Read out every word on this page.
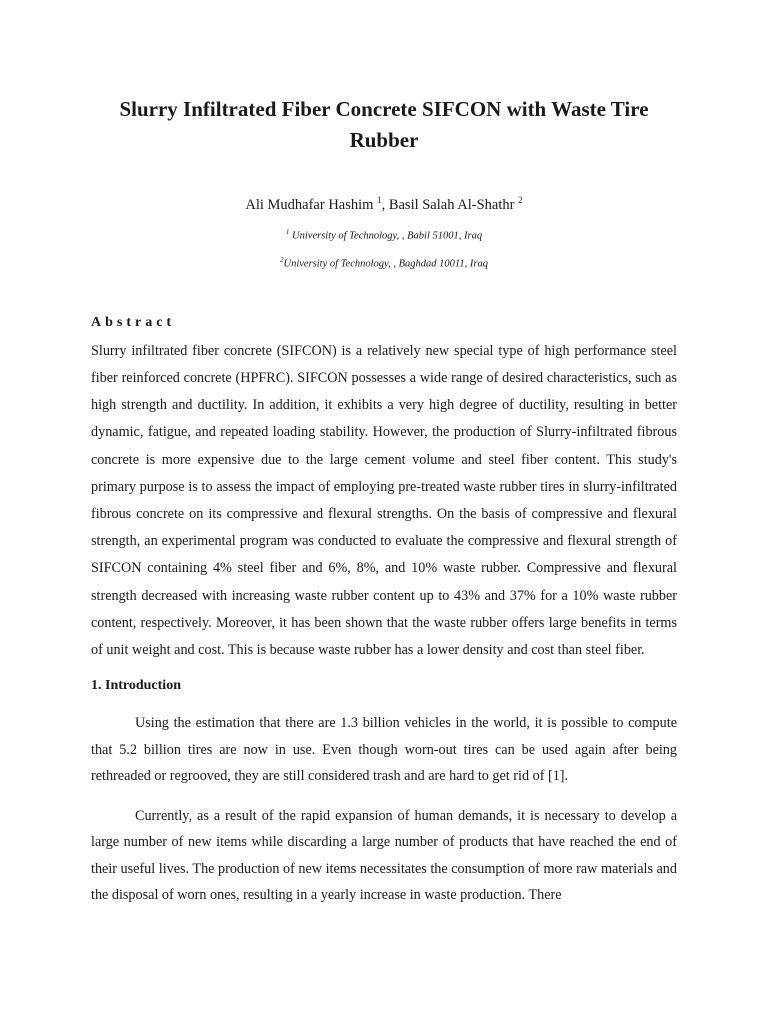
Slurry Infiltrated Fiber Concrete SIFCON with Waste Tire Rubber
Ali Mudhafar Hashim $^1$, Basil Salah Al-Shathr $^2$
$^1$ University of Technology, , Babil 51001, Iraq
$^2$University of Technology, , Baghdad 10011, Iraq
Abstract

Slurry infiltrated fiber concrete (SIFCON) is a relatively new special type of high performance steel fiber reinforced concrete (HPFRC). SIFCON possesses a wide range of desired characteristics, such as high strength and ductility. In addition, it exhibits a very high degree of ductility, resulting in better dynamic, fatigue, and repeated loading stability. However, the production of Slurry-infiltrated fibrous concrete is more expensive due to the large cement volume and steel fiber content. This study's primary purpose is to assess the impact of employing pre-treated waste rubber tires in slurry-infiltrated fibrous concrete on its compressive and flexural strengths. On the basis of compressive and flexural strength, an experimental program was conducted to evaluate the compressive and flexural strength of SIFCON containing 4% steel fiber and 6%, 8%, and 10% waste rubber. Compressive and flexural strength decreased with increasing waste rubber content up to 43% and 37% for a 10% waste rubber content, respectively. Moreover, it has been shown that the waste rubber offers large benefits in terms of unit weight and cost. This is because waste rubber has a lower density and cost than steel fiber.

1. Introduction

Using the estimation that there are 1.3 billion vehicles in the world, it is possible to compute that 5.2 billion tires are now in use. Even though worn-out tires can be used again after being rethreaded or regrooved, they are still considered trash and are hard to get rid of [1].

Currently, as a result of the rapid expansion of human demands, it is necessary to develop a large number of new items while discarding a large number of products that have reached the end of their useful lives. The production of new items necessitates the consumption of more raw materials and the disposal of worn ones, resulting in a yearly increase in waste production. There
